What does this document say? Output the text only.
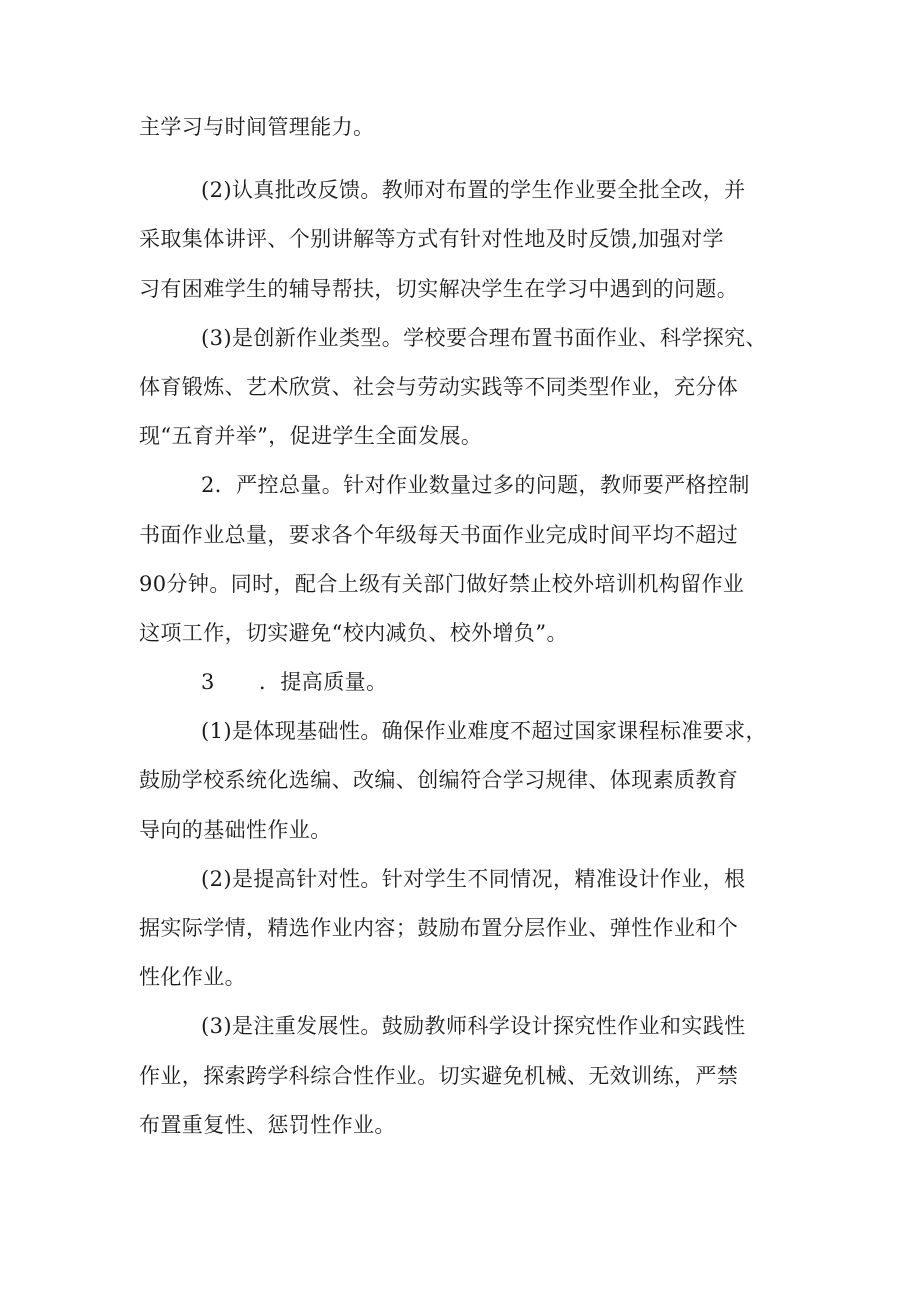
主学习与时间管理能力。
(2)认真批改反馈。教师对布置的学生作业要全批全改，并
采取集体讲评、个别讲解等方式有针对性地及时反馈,加强对学
习有困难学生的辅导帮扶，切实解决学生在学习中遇到的问题。
(3)是创新作业类型。学校要合理布置书面作业、科学探究、
体育锻炼、艺术欣赏、社会与劳动实践等不同类型作业，充分体
现“五育并举”，促进学生全面发展。
2．严控总量。针对作业数量过多的问题，教师要严格控制
书面作业总量，要求各个年级每天书面作业完成时间平均不超过
90分钟。同时，配合上级有关部门做好禁止校外培训机构留作业
这项工作，切实避免“校内减负、校外增负”。
3 ．提高质量。
(1)是体现基础性。确保作业难度不超过国家课程标准要求，
鼓励学校系统化选编、改编、创编符合学习规律、体现素质教育
导向的基础性作业。
(2)是提高针对性。针对学生不同情况，精准设计作业，根
据实际学情，精选作业内容；鼓励布置分层作业、弹性作业和个
性化作业。
(3)是注重发展性。鼓励教师科学设计探究性作业和实践性
作业，探索跨学科综合性作业。切实避免机械、无效训练，严禁
布置重复性、惩罚性作业。
